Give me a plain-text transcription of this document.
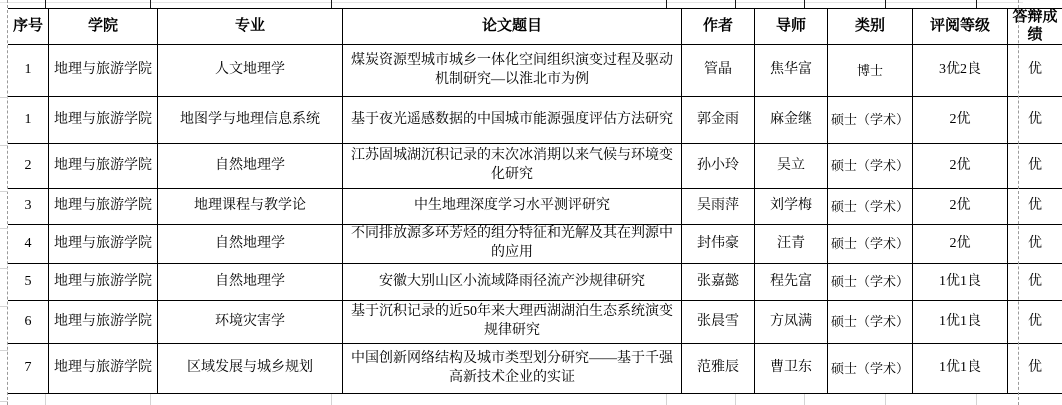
序号	学院	专业	论文题目	作者	导师	类别	评阅等级	答辩成绩
1	地理与旅游学院	人文地理学	煤炭资源型城市城乡一体化空间组织演变过程及驱动机制研究—以淮北市为例	管晶	焦华富	博士	3优2良	优
1	地理与旅游学院	地图学与地理信息系统	基于夜光遥感数据的中国城市能源强度评估方法研究	郭金雨	麻金继	硕士（学术）	2优	优
2	地理与旅游学院	自然地理学	江苏固城湖沉积记录的末次冰消期以来气候与环境变化研究	孙小玲	吴立	硕士（学术）	2优	优
3	地理与旅游学院	地理课程与教学论	中生地理深度学习水平测评研究	吴雨萍	刘学梅	硕士（学术）	2优	优
4	地理与旅游学院	自然地理学	不同排放源多环芳烃的组分特征和光解及其在判源中的应用	封伟豪	汪青	硕士（学术）	2优	优
5	地理与旅游学院	自然地理学	安徽大别山区小流域降雨径流产沙规律研究	张嘉懿	程先富	硕士（学术）	1优1良	优
6	地理与旅游学院	环境灾害学	基于沉积记录的近50年来大理西湖湖泊生态系统演变规律研究	张晨雪	方凤满	硕士（学术）	1优1良	优
7	地理与旅游学院	区域发展与城乡规划	中国创新网络结构及城市类型划分研究——基于千强高新技术企业的实证	范雅辰	曹卫东	硕士（学术）	1优1良	优
